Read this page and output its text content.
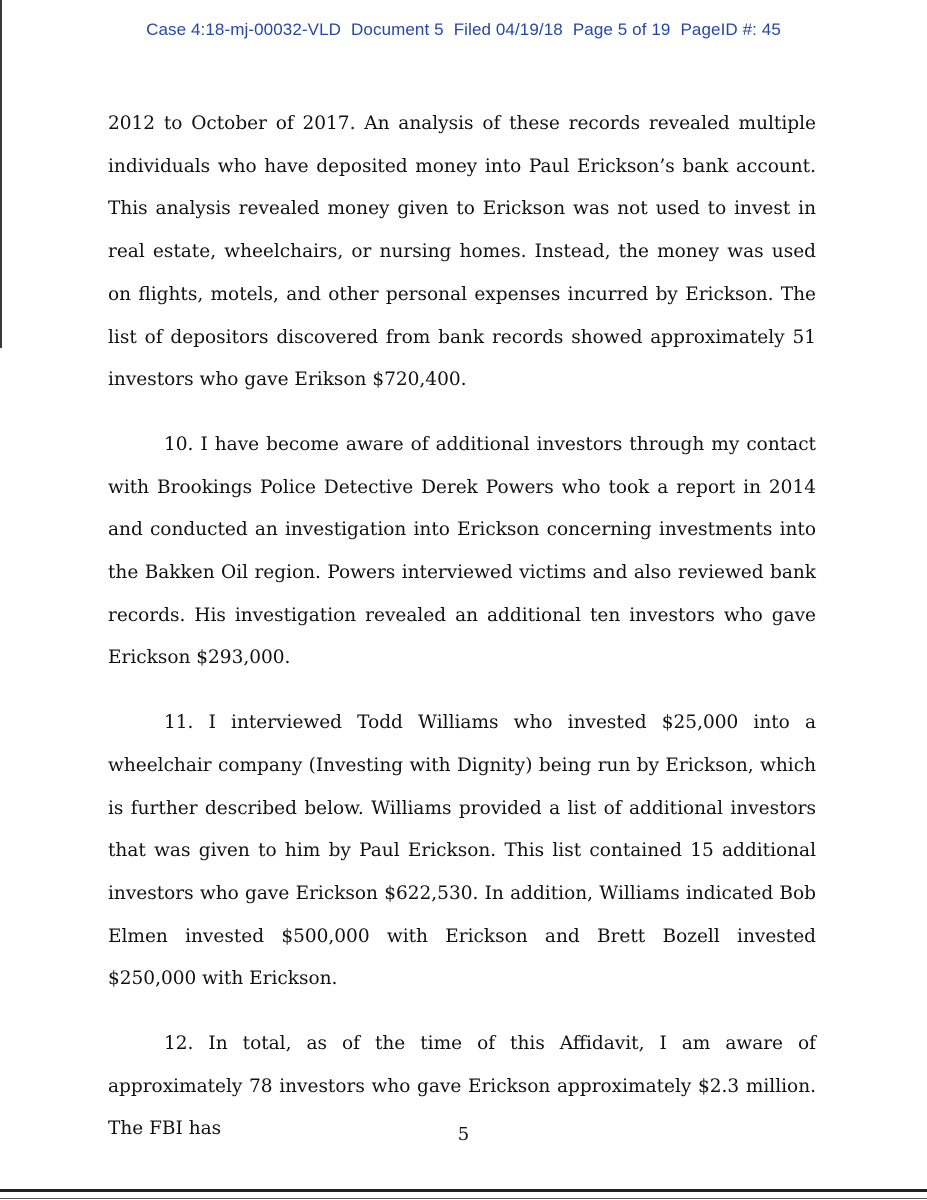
Case 4:18-mj-00032-VLD Document 5 Filed 04/19/18 Page 5 of 19 PageID #: 45

2012 to October of 2017. An analysis of these records revealed multiple individuals who have deposited money into Paul Erickson’s bank account. This analysis revealed money given to Erickson was not used to invest in real estate, wheelchairs, or nursing homes. Instead, the money was used on flights, motels, and other personal expenses incurred by Erickson. The list of depositors discovered from bank records showed approximately 51 investors who gave Erikson $720,400.

10. I have become aware of additional investors through my contact with Brookings Police Detective Derek Powers who took a report in 2014 and conducted an investigation into Erickson concerning investments into the Bakken Oil region. Powers interviewed victims and also reviewed bank records. His investigation revealed an additional ten investors who gave Erickson $293,000.

11. I interviewed Todd Williams who invested $25,000 into a wheelchair company (Investing with Dignity) being run by Erickson, which is further described below. Williams provided a list of additional investors that was given to him by Paul Erickson. This list contained 15 additional investors who gave Erickson $622,530. In addition, Williams indicated Bob Elmen invested $500,000 with Erickson and Brett Bozell invested $250,000 with Erickson.

12. In total, as of the time of this Affidavit, I am aware of approximately 78 investors who gave Erickson approximately $2.3 million. The FBI has	5
